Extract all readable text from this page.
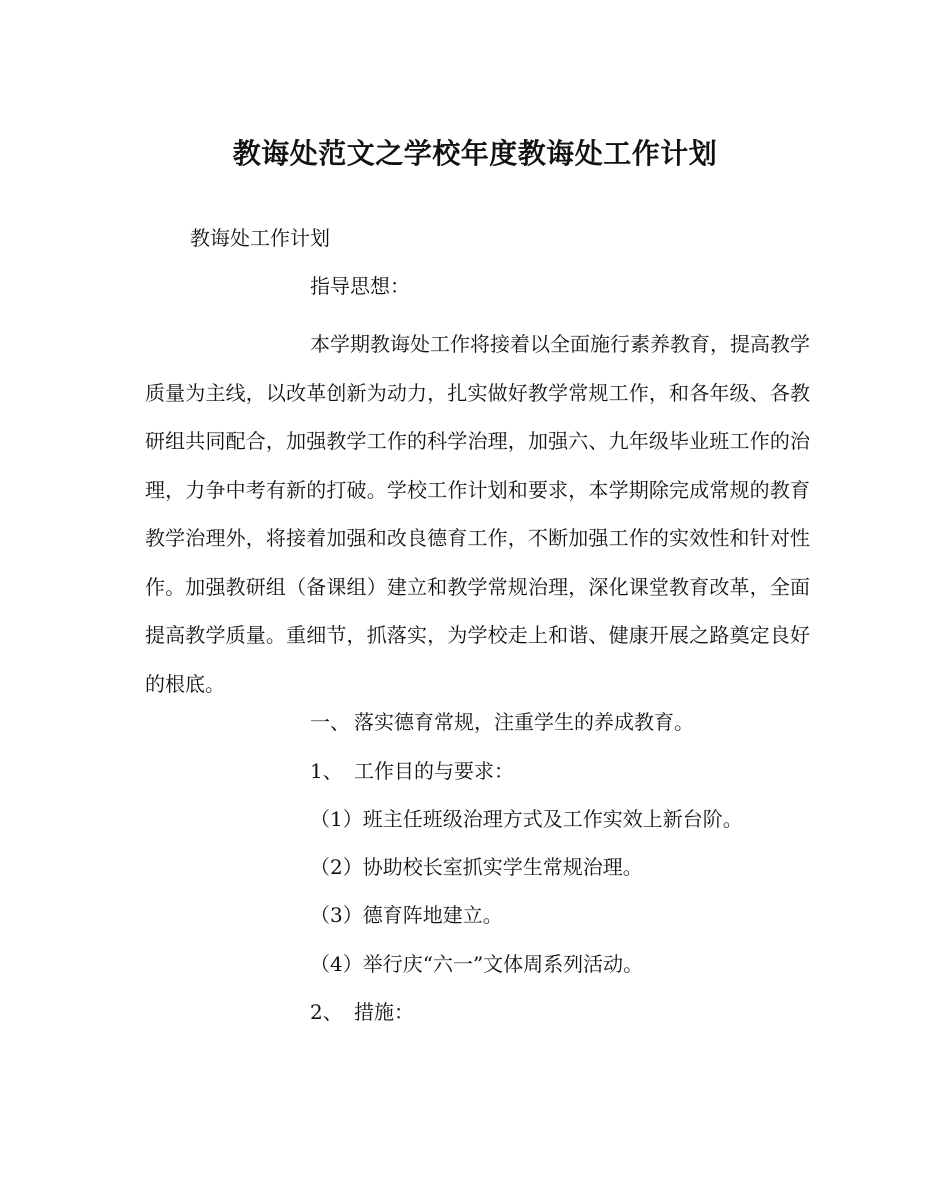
教诲处范文之学校年度教诲处工作计划
教诲处工作计划
指导思想：
本学期教诲处工作将接着以全面施行素养教育，提高教学质量为主线，以改革创新为动力，扎实做好教学常规工作，和各年级、各教研组共同配合，加强教学工作的科学治理，加强六、九年级毕业班工作的治理，力争中考有新的打破。学校工作计划和要求，本学期除完成常规的教育教学治理外，将接着加强和改良德育工作，不断加强工作的实效性和针对性作。加强教研组（备课组）建立和教学常规治理，深化课堂教育改革，全面提高教学质量。重细节，抓落实，为学校走上和谐、健康开展之路奠定良好的根底。
一、 落实德育常规，注重学生的养成教育。
1、 工作目的与要求：
（1）班主任班级治理方式及工作实效上新台阶。
（2）协助校长室抓实学生常规治理。
（3）德育阵地建立。
（4）举行庆“六一”文体周系列活动。
2、 措施：
